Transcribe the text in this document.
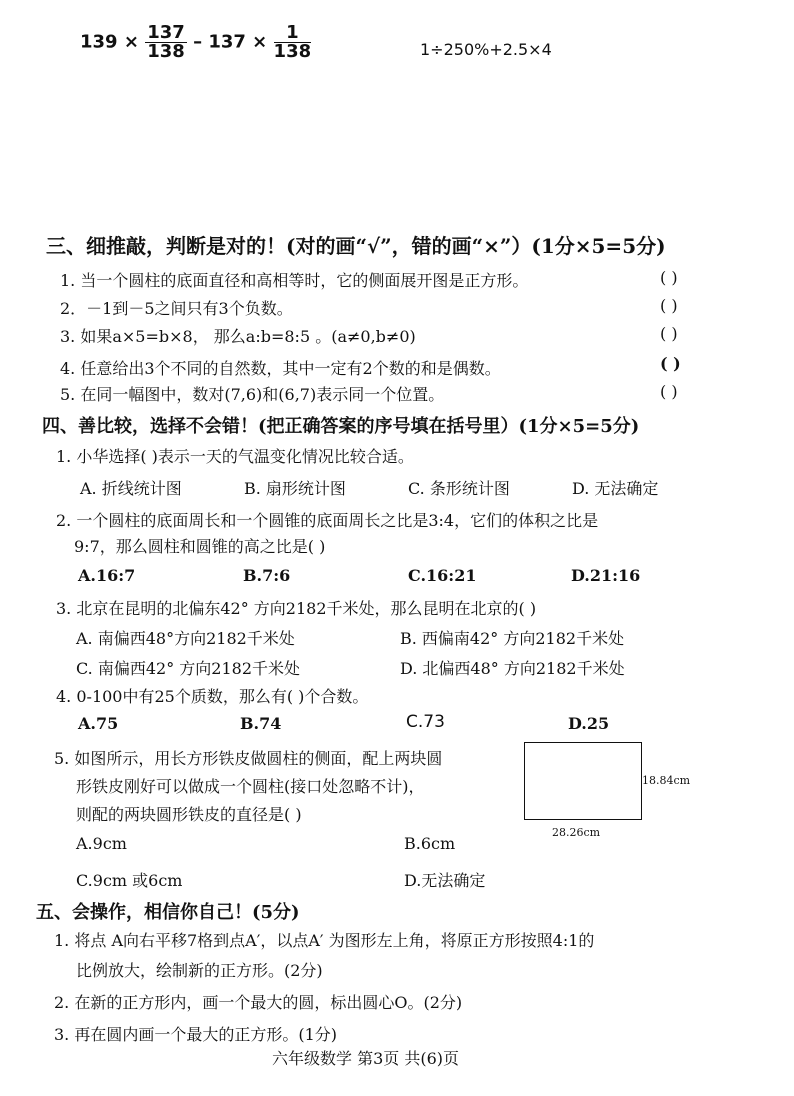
$139 \times \frac{137}{138} - 137 \times \frac{1}{138}$	1÷250%+2.5×4
三、细推敲，判断是对的！(对的画“√”，错的画“×”）(1分×5=5分)
1. 当一个圆柱的底面直径和高相等时，它的侧面展开图是正方形。	( )
2．－1到－5之间只有3个负数。	( )
3. 如果a×5=b×8， 那么a:b=8:5 。(a≠0,b≠0)	( )
4. 任意给出3个不同的自然数，其中一定有2个数的和是偶数。	( )
5. 在同一幅图中，数对(7,6)和(6,7)表示同一个位置。	( )
四、善比较，选择不会错！(把正确答案的序号填在括号里）(1分×5=5分)
1. 小华选择( )表示一天的气温变化情况比较合适。
A. 折线统计图	B. 扇形统计图	C. 条形统计图	D. 无法确定
2. 一个圆柱的底面周长和一个圆锥的底面周长之比是3:4，它们的体积之比是
9:7，那么圆柱和圆锥的高之比是( )
A.16:7	B.7:6	C.16:21	D.21:16
3. 北京在昆明的北偏东42° 方向2182千米处，那么昆明在北京的( )
A. 南偏西48°方向2182千米处	B. 西偏南42° 方向2182千米处
C. 南偏西42° 方向2182千米处	D. 北偏西48° 方向2182千米处
4. 0-100中有25个质数，那么有( )个合数。
A.75	B.74	C.73	D.25
5. 如图所示，用长方形铁皮做圆柱的侧面，配上两块圆
形铁皮刚好可以做成一个圆柱(接口处忽略不计)，
则配的两块圆形铁皮的直径是( )
18.84cm
28.26cm
A.9cm	B.6cm
C.9cm 或6cm	D.无法确定
五、会操作，相信你自己！(5分)
1. 将点 A向右平移7格到点A′，以点A′ 为图形左上角，将原正方形按照4:1的
比例放大，绘制新的正方形。(2分)
2. 在新的正方形内，画一个最大的圆，标出圆心O。(2分)
3. 再在圆内画一个最大的正方形。(1分)
六年级数学 第3页 共(6)页
